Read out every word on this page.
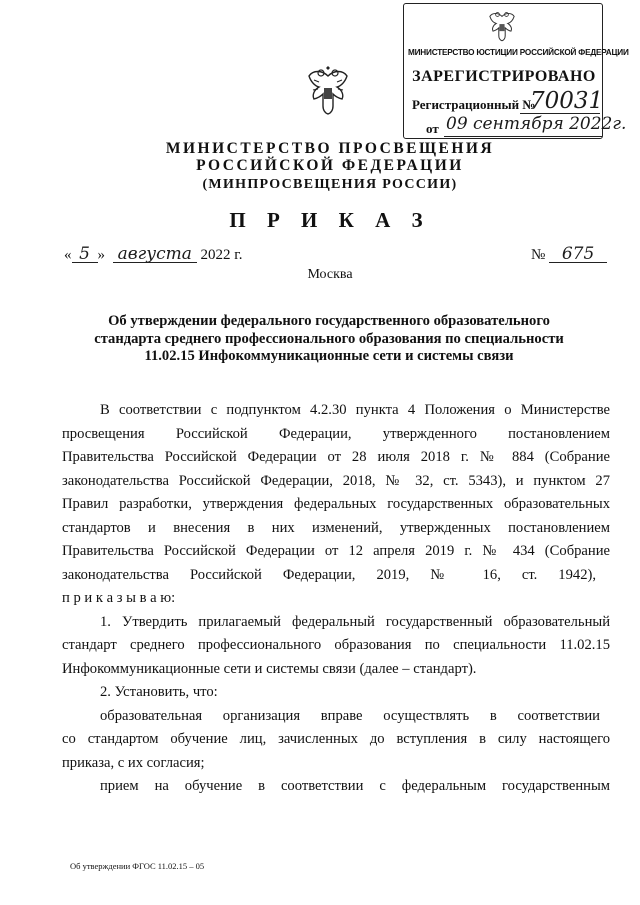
МИНИСТЕРСТВО ЮСТИЦИИ РОССИЙСКОЙ ФЕДЕРАЦИИ
ЗАРЕГИСТРИРОВАНО
Регистрационный №
70031
от 09 сентября 2022г.
МИНИСТЕРСТВО ПРОСВЕЩЕНИЯ
РОССИЙСКОЙ ФЕДЕРАЦИИ
(МИНПРОСВЕЩЕНИЯ РОССИИ)
П Р И К А З
« 5 » августа 2022 г.	№ 675
Москва
Об утверждении федерального государственного образовательного
стандарта среднего профессионального образования по специальности
11.02.15 Инфокоммуникационные сети и системы связи
В соответствии с подпунктом 4.2.30 пункта 4 Положения о Министерстве
просвещения Российской Федерации, утвержденного постановлением
Правительства Российской Федерации от 28 июля 2018 г. № 884 (Собрание
законодательства Российской Федерации, 2018, № 32, ст. 5343), и пунктом 27
Правил разработки, утверждения федеральных государственных образовательных
стандартов и внесения в них изменений, утвержденных постановлением
Правительства Российской Федерации от 12 апреля 2019 г. № 434 (Собрание
законодательства Российской Федерации, 2019, № 16, ст. 1942),
п р и к а з ы в а ю:
1. Утвердить прилагаемый федеральный государственный образовательный
стандарт среднего профессионального образования по специальности 11.02.15
Инфокоммуникационные сети и системы связи (далее – стандарт).
2. Установить, что:
образовательная организация вправе осуществлять в соответствии
со стандартом обучение лиц, зачисленных до вступления в силу настоящего
приказа, с их согласия;
прием на обучение в соответствии с федеральным государственным
Об утверждении ФГОС 11.02.15 – 05
